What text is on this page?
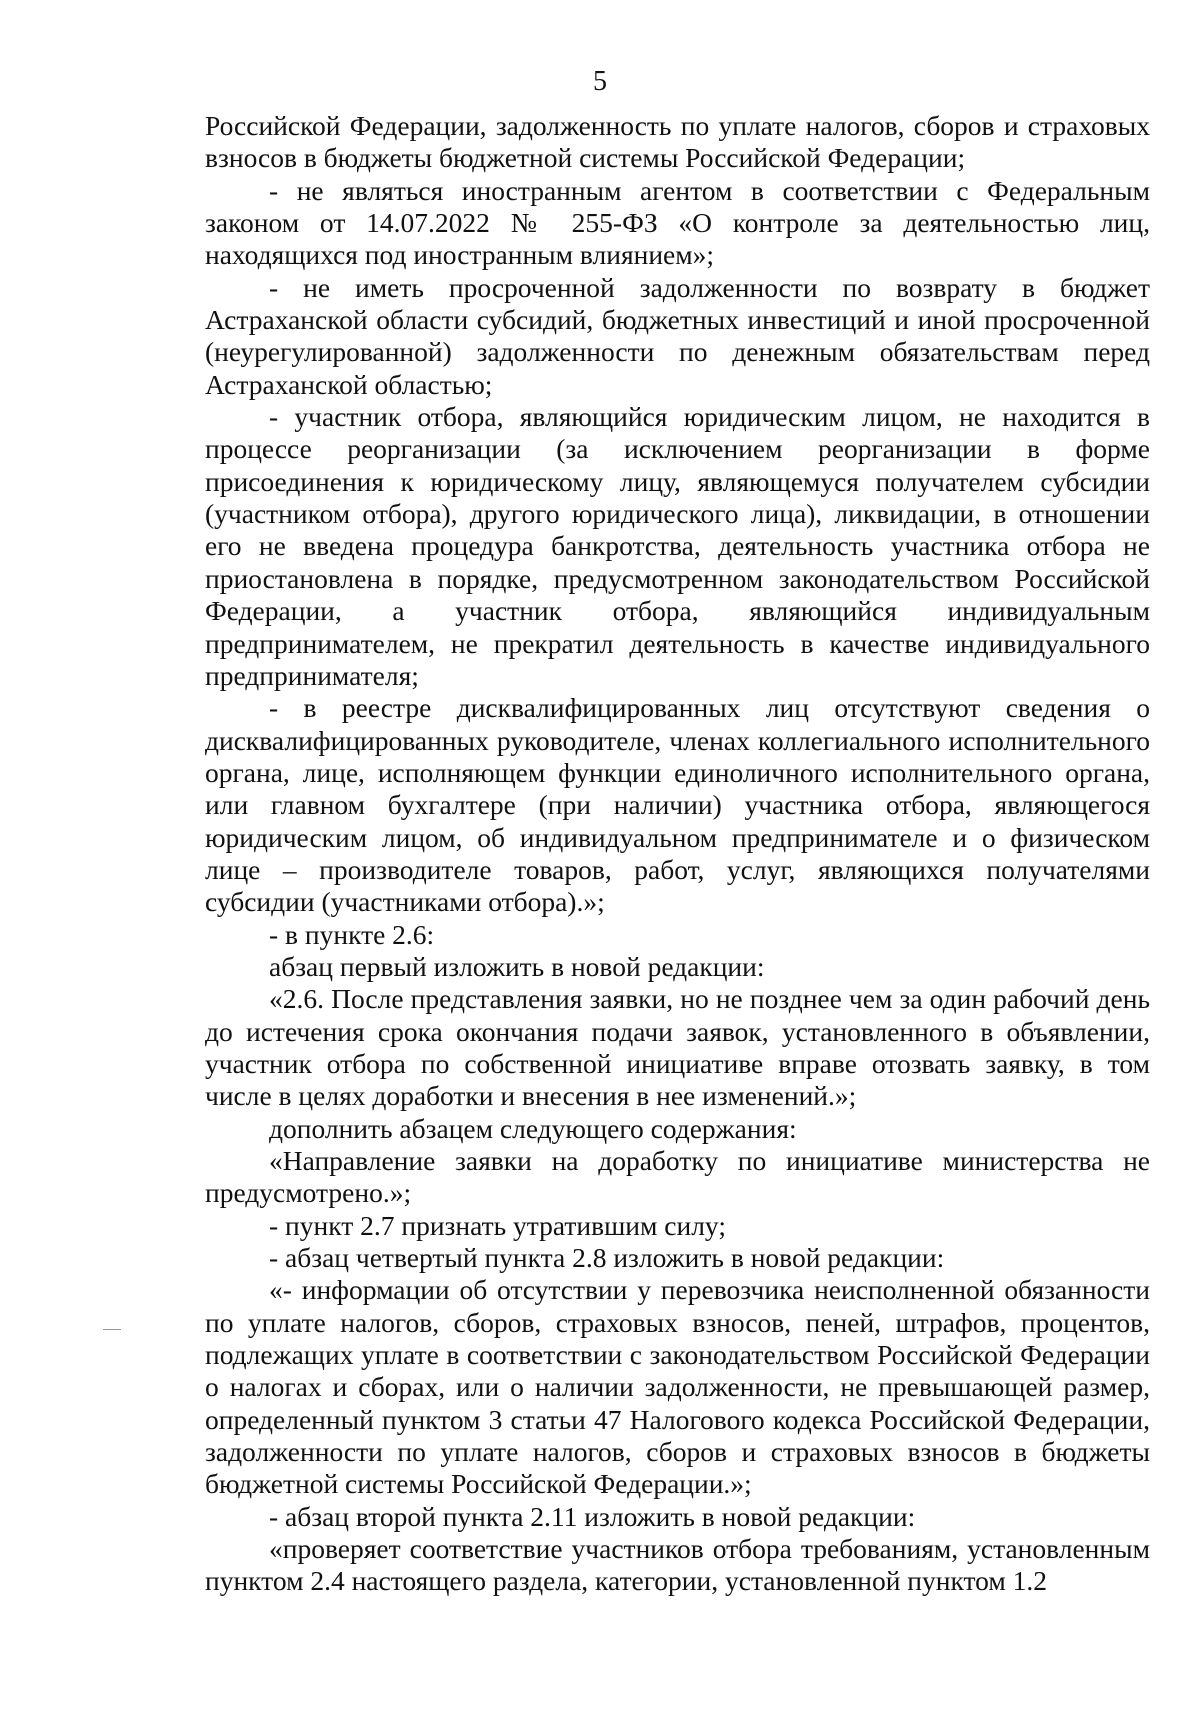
5

Российской Федерации, задолженность по уплате налогов, сборов и страховых взносов в бюджеты бюджетной системы Российской Федерации;

- не являться иностранным агентом в соответствии с Федеральным законом от 14.07.2022 № 255-ФЗ «О контроле за деятельностью лиц, находящихся под иностранным влиянием»;

- не иметь просроченной задолженности по возврату в бюджет Астраханской области субсидий, бюджетных инвестиций и иной просроченной (неурегулированной) задолженности по денежным обязательствам перед Астраханской областью;

- участник отбора, являющийся юридическим лицом, не находится в процессе реорганизации (за исключением реорганизации в форме присоединения к юридическому лицу, являющемуся получателем субсидии (участником отбора), другого юридического лица), ликвидации, в отношении его не введена процедура банкротства, деятельность участника отбора не приостановлена в порядке, предусмотренном законодательством Российской Федерации, а участник отбора, являющийся индивидуальным предпринимателем, не прекратил деятельность в качестве индивидуального предпринимателя;

- в реестре дисквалифицированных лиц отсутствуют сведения о дисквалифицированных руководителе, членах коллегиального исполнительного органа, лице, исполняющем функции единоличного исполнительного органа, или главном бухгалтере (при наличии) участника отбора, являющегося юридическим лицом, об индивидуальном предпринимателе и о физическом лице – производителе товаров, работ, услуг, являющихся получателями субсидии (участниками отбора).»;

- в пункте 2.6:

абзац первый изложить в новой редакции:

«2.6. После представления заявки, но не позднее чем за один рабочий день до истечения срока окончания подачи заявок, установленного в объявлении, участник отбора по собственной инициативе вправе отозвать заявку, в том числе в целях доработки и внесения в нее изменений.»;

дополнить абзацем следующего содержания:

«Направление заявки на доработку по инициативе министерства не предусмотрено.»;

- пункт 2.7 признать утратившим силу;

- абзац четвертый пункта 2.8 изложить в новой редакции:

«- информации об отсутствии у перевозчика неисполненной обязанности по уплате налогов, сборов, страховых взносов, пеней, штрафов, процентов, подлежащих уплате в соответствии с законодательством Российской Федерации о налогах и сборах, или о наличии задолженности, не превышающей размер, определенный пунктом 3 статьи 47 Налогового кодекса Российской Федерации, задолженности по уплате налогов, сборов и страховых взносов в бюджеты бюджетной системы Российской Федерации.»;

- абзац второй пункта 2.11 изложить в новой редакции:

«проверяет соответствие участников отбора требованиям, установленным пунктом 2.4 настоящего раздела, категории, установленной пунктом 1.2
